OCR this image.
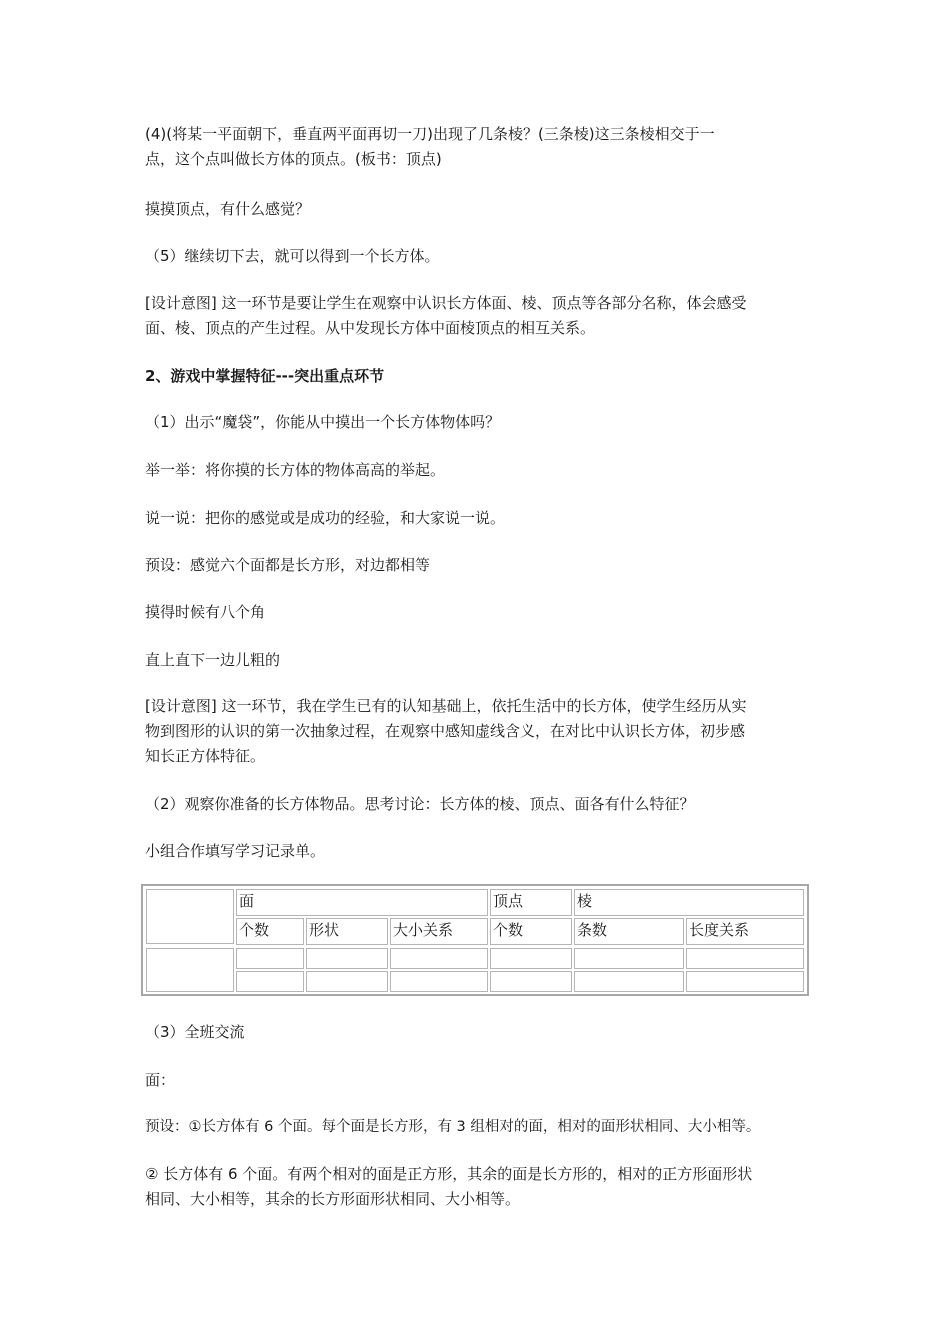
(4)(将某一平面朝下，垂直两平面再切一刀)出现了几条棱？(三条棱)这三条棱相交于一
点，这个点叫做长方体的顶点。(板书：顶点)

摸摸顶点，有什么感觉？

（5）继续切下去，就可以得到一个长方体。

[设计意图] 这一环节是要让学生在观察中认识长方体面、棱、顶点等各部分名称，体会感受
面、棱、顶点的产生过程。从中发现长方体中面棱顶点的相互关系。

2、游戏中掌握特征---突出重点环节

（1）出示“魔袋”，你能从中摸出一个长方体物体吗？

举一举：将你摸的长方体的物体高高的举起。

说一说：把你的感觉或是成功的经验，和大家说一说。

预设：感觉六个面都是长方形，对边都相等

摸得时候有八个角

直上直下一边儿粗的

[设计意图] 这一环节，我在学生已有的认知基础上，依托生活中的长方体，使学生经历从实
物到图形的认识的第一次抽象过程，在观察中感知虚线含义，在对比中认识长方体，初步感
知长正方体特征。

（2）观察你准备的长方体物品。思考讨论：长方体的棱、顶点、面各有什么特征？

小组合作填写学习记录单。

面	顶点	棱
个数	形状	大小关系	个数	条数	长度关系

（3）全班交流

面：

预设：①长方体有 6 个面。每个面是长方形，有 3 组相对的面，相对的面形状相同、大小相等。

② 长方体有 6 个面。有两个相对的面是正方形，其余的面是长方形的，相对的正方形面形状
相同、大小相等，其余的长方形面形状相同、大小相等。
